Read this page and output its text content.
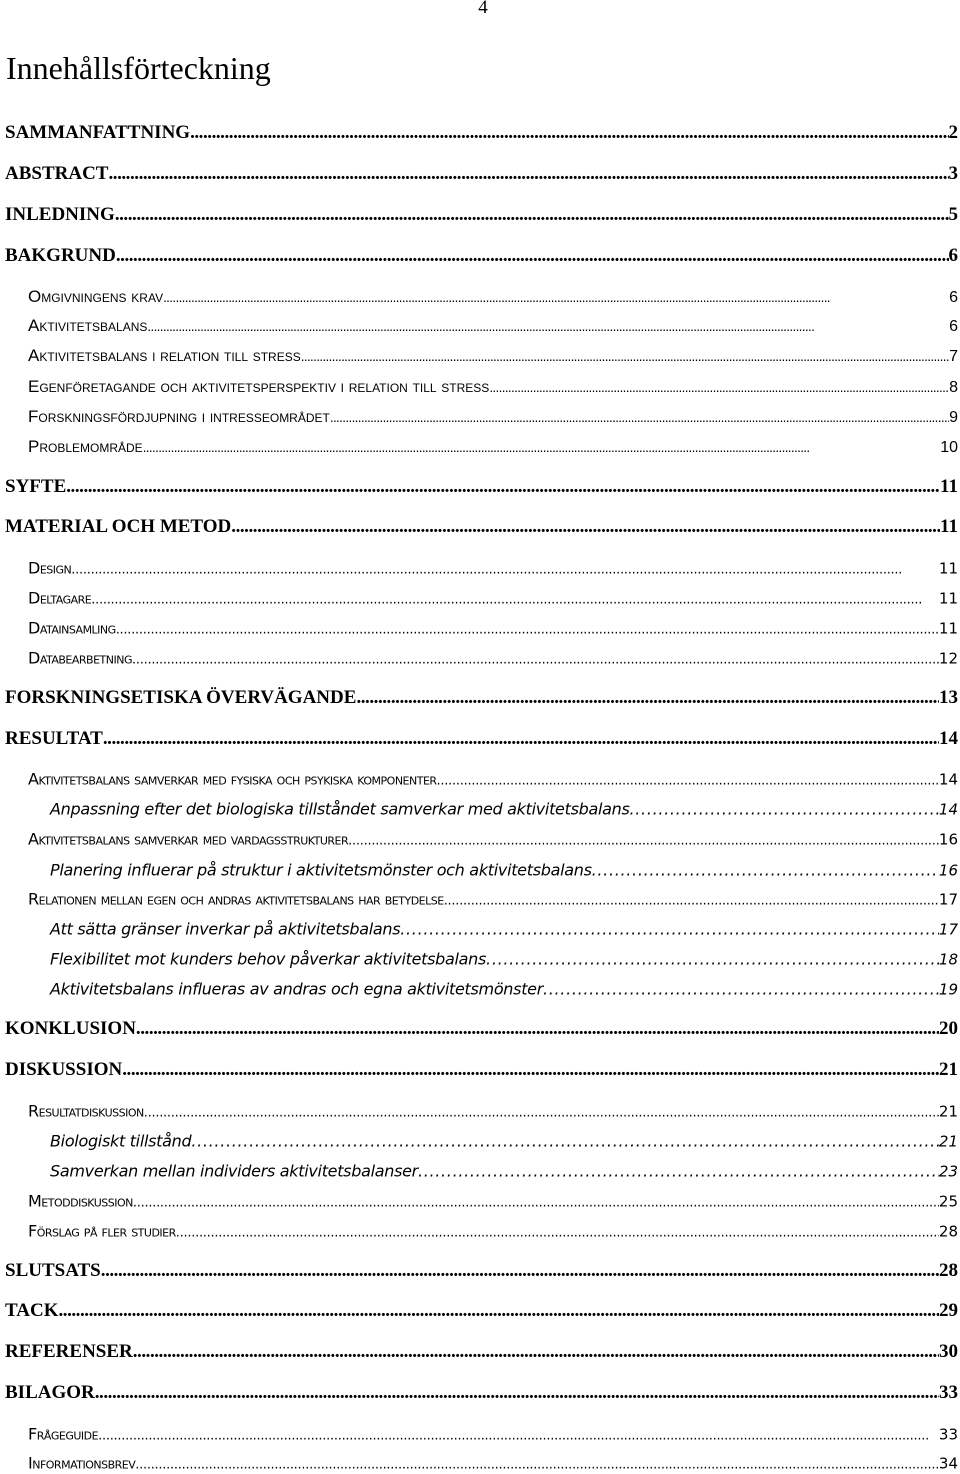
4
Innehållsförteckning
SAMMANFATTNING . . .	2
ABSTRACT . . .	3
INLEDNING . . .	5
BAKGRUND . . .	6
Omgivningens krav . . .	6
Aktivitetsbalans . . .	6
Aktivitetsbalans i relation till stress . . .	7
Egenföretagande och aktivitetsperspektiv i relation till stress . . .	8
Forskningsfördjupning i intresseområdet . . .	9
Problemområde . . .	10
SYFTE . . .	11
MATERIAL OCH METOD . . .	11
Design . . .	11
Deltagare . . .	11
Datainsamling . . .	11
Databearbetning . . .	12
FORSKNINGSETISKA ÖVERVÄGANDE . . .	13
RESULTAT . . .	14
Aktivitetsbalans samverkar med fysiska och psykiska komponenter . . .	14
Anpassning efter det biologiska tillståndet samverkar med aktivitetsbalans . . .	14
Aktivitetsbalans samverkar med vardagsstrukturer . . .	16
Planering influerar på struktur i aktivitetsmönster och aktivitetsbalans . . .	16
Relationen mellan egen och andras aktivitetsbalans har betydelse . . .	17
Att sätta gränser inverkar på aktivitetsbalans . . .	17
Flexibilitet mot kunders behov påverkar aktivitetsbalans . . .	18
Aktivitetsbalans influeras av andras och egna aktivitetsmönster . . .	19
KONKLUSION . . .	20
DISKUSSION . . .	21
Resultatdiskussion . . .	21
Biologiskt tillstånd . . .	21
Samverkan mellan individers aktivitetsbalanser . . .	23
Metoddiskussion . . .	25
Förslag på fler studier . . .	28
SLUTSATS . . .	28
TACK . . .	29
REFERENSER . . .	30
BILAGOR . . .	33
Frågeguide . . .	33
Informationsbrev . . .	34
